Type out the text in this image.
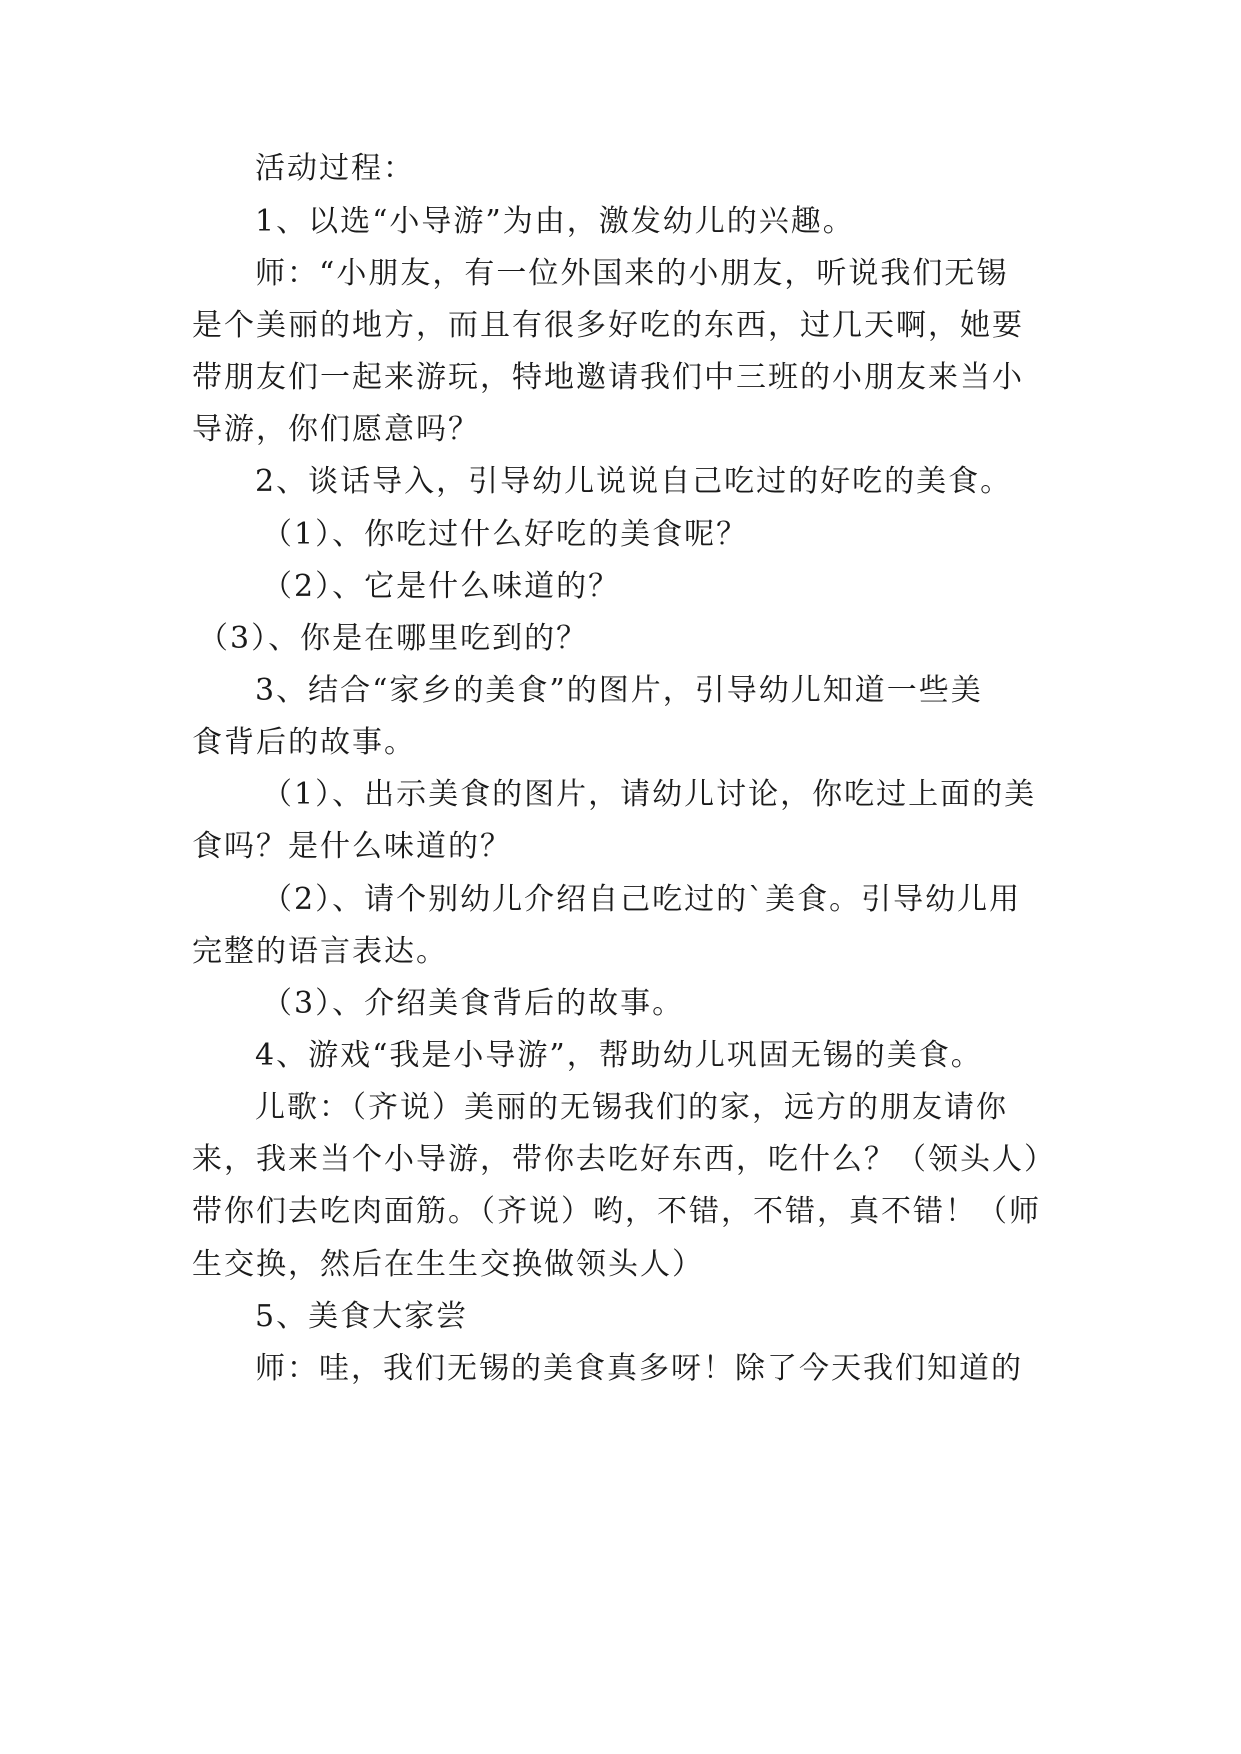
活动过程：

1、以选“小导游”为由，激发幼儿的兴趣。

师：“小朋友，有一位外国来的小朋友，听说我们无锡

是个美丽的地方，而且有很多好吃的东西，过几天啊，她要

带朋友们一起来游玩，特地邀请我们中三班的小朋友来当小

导游，你们愿意吗？

2、谈话导入，引导幼儿说说自己吃过的好吃的美食。

（1）、你吃过什么好吃的美食呢？

（2）、它是什么味道的？

（3）、你是在哪里吃到的？

3、结合“家乡的美食”的图片，引导幼儿知道一些美

食背后的故事。

（1）、出示美食的图片，请幼儿讨论，你吃过上面的美

食吗？是什么味道的？

（2）、请个别幼儿介绍自己吃过的`美食。引导幼儿用

完整的语言表达。

（3）、介绍美食背后的故事。

4、游戏“我是小导游”，帮助幼儿巩固无锡的美食。

儿歌：（齐说）美丽的无锡我们的家，远方的朋友请你

来，我来当个小导游，带你去吃好东西，吃什么？（领头人）

带你们去吃肉面筋。（齐说）哟，不错，不错，真不错！（师

生交换，然后在生生交换做领头人）

5、美食大家尝

师：哇，我们无锡的美食真多呀！除了今天我们知道的
